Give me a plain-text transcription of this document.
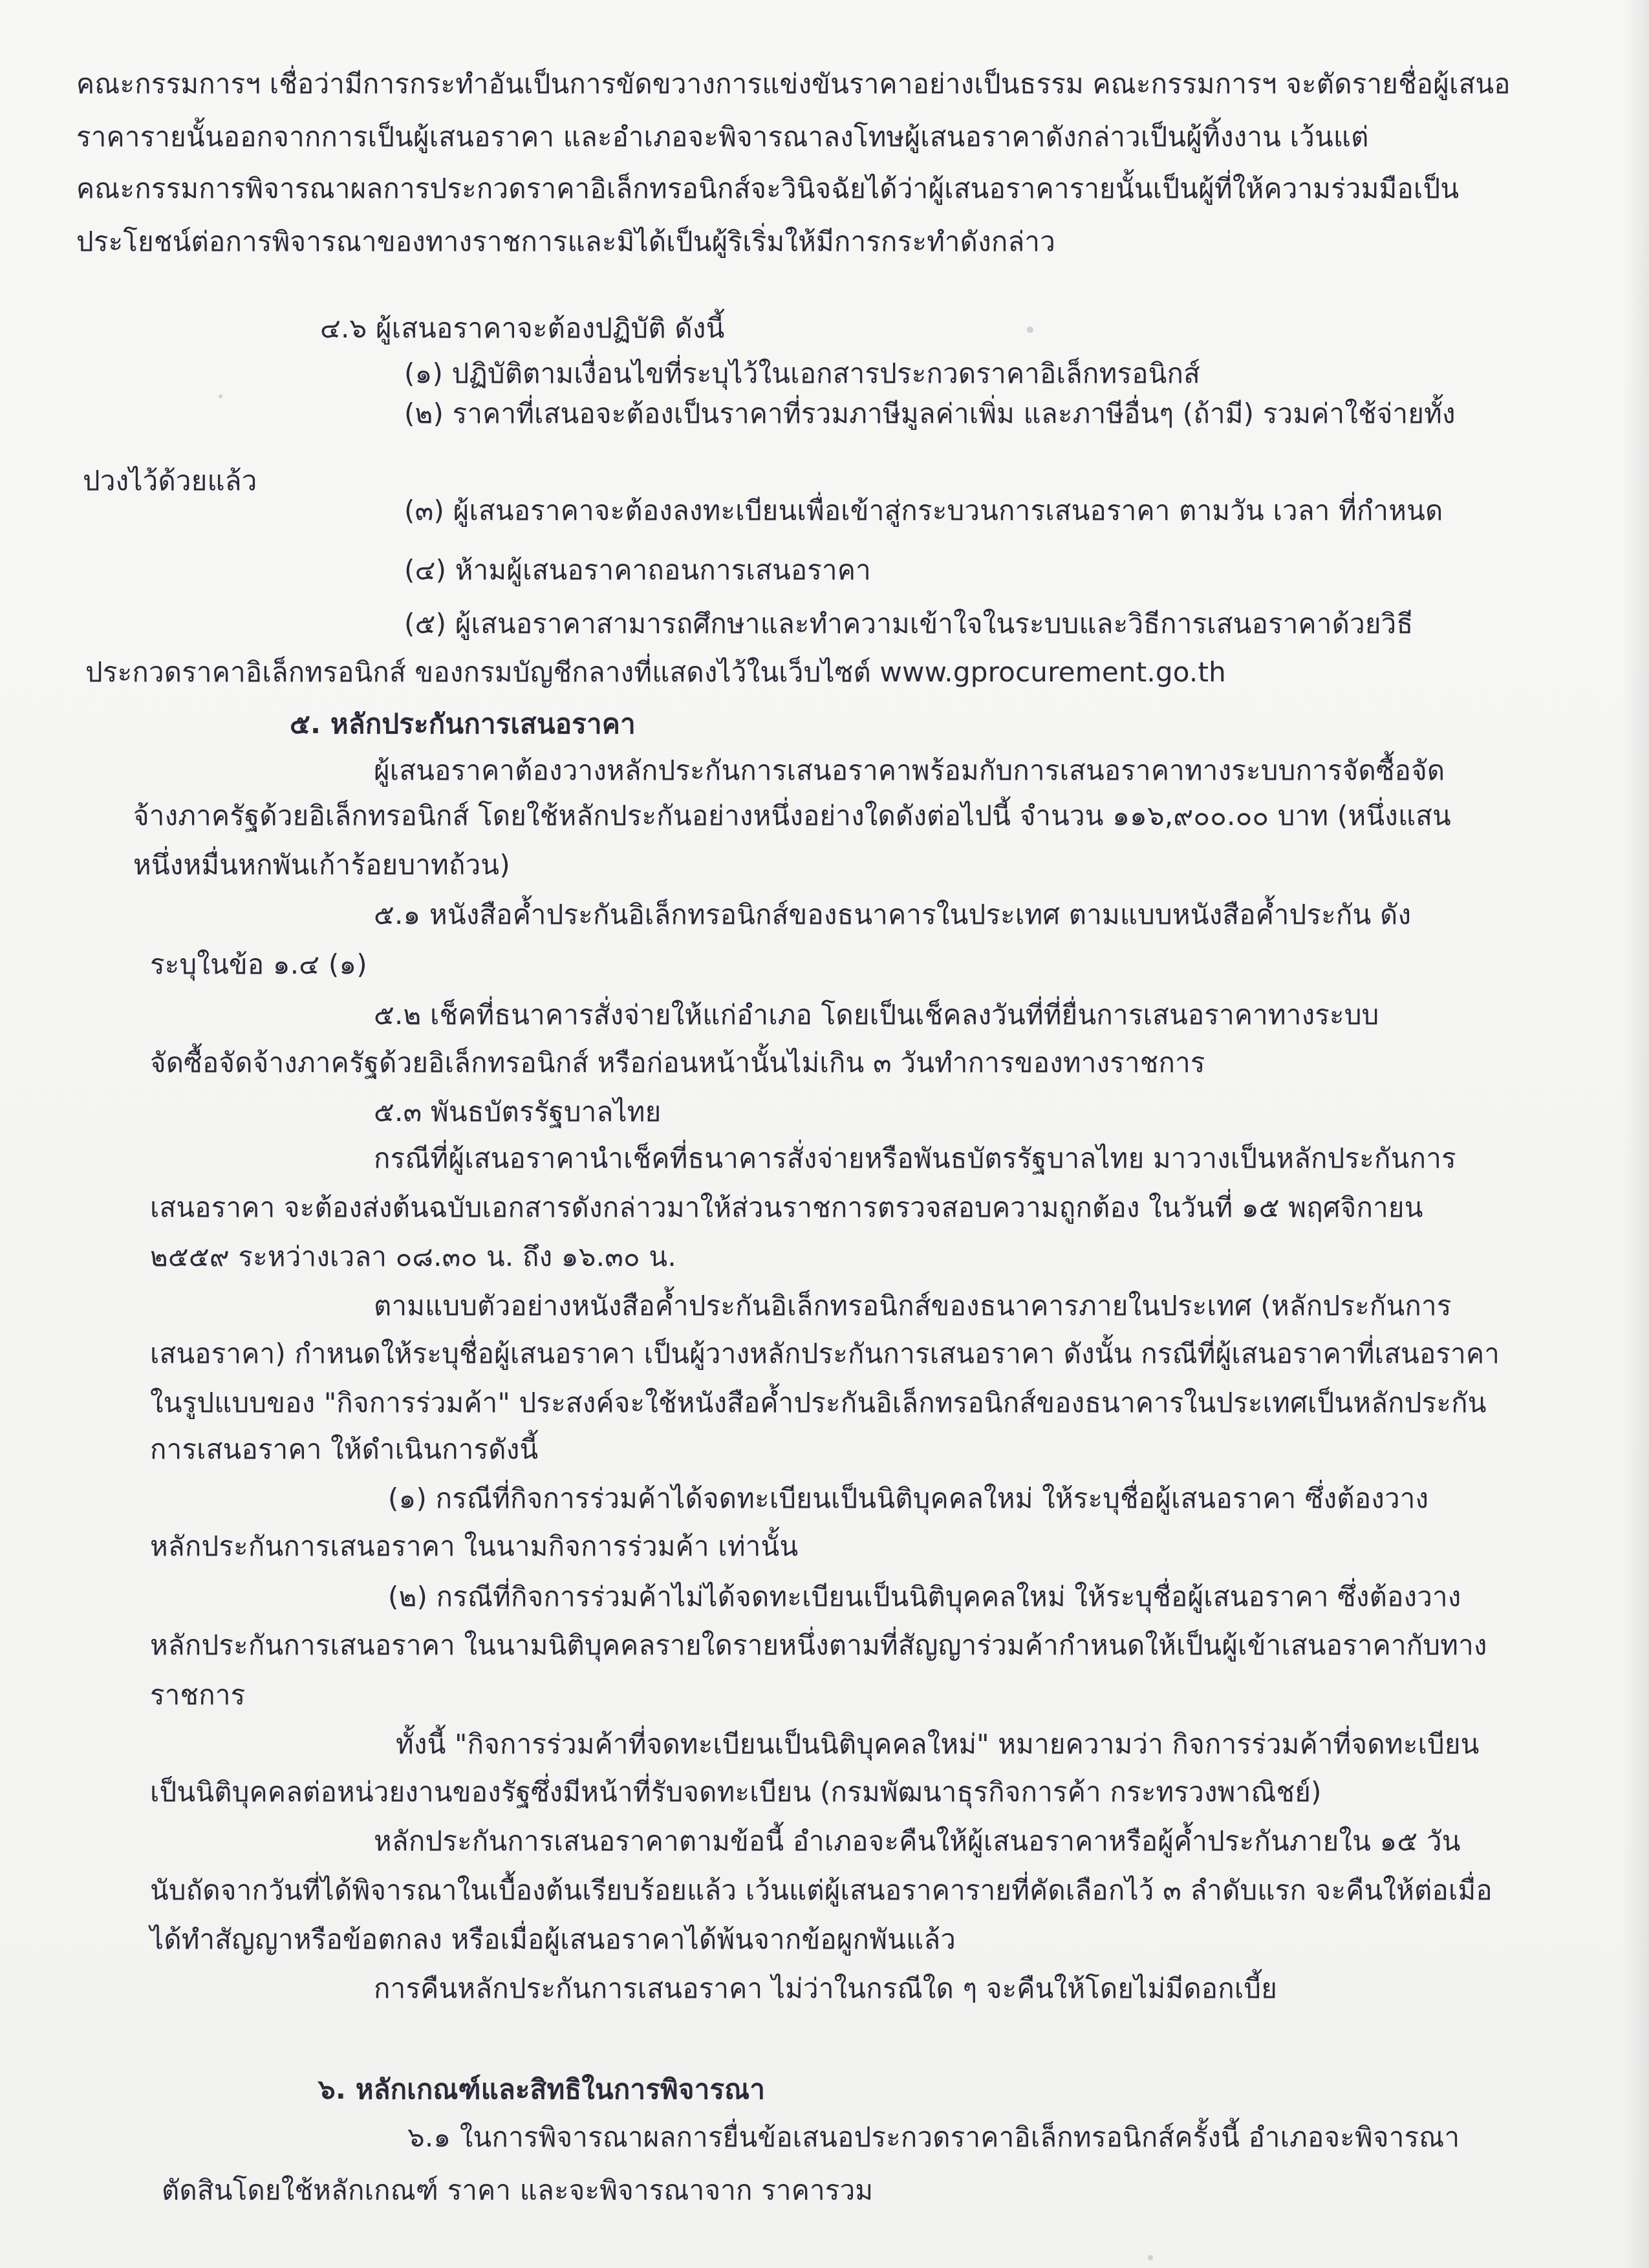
คณะกรรมการฯ เชื่อว่ามีการกระทำอันเป็นการขัดขวางการแข่งขันราคาอย่างเป็นธรรม คณะกรรมการฯ จะตัดรายชื่อผู้เสนอ
ราคารายนั้นออกจากการเป็นผู้เสนอราคา และอำเภอจะพิจารณาลงโทษผู้เสนอราคาดังกล่าวเป็นผู้ทิ้งงาน เว้นแต่
คณะกรรมการพิจารณาผลการประกวดราคาอิเล็กทรอนิกส์จะวินิจฉัยได้ว่าผู้เสนอราคารายนั้นเป็นผู้ที่ให้ความร่วมมือเป็น
ประโยชน์ต่อการพิจารณาของทางราชการและมิได้เป็นผู้ริเริ่มให้มีการกระทำดังกล่าว
๔.๖ ผู้เสนอราคาจะต้องปฏิบัติ ดังนี้
(๑) ปฏิบัติตามเงื่อนไขที่ระบุไว้ในเอกสารประกวดราคาอิเล็กทรอนิกส์
(๒) ราคาที่เสนอจะต้องเป็นราคาที่รวมภาษีมูลค่าเพิ่ม และภาษีอื่นๆ (ถ้ามี) รวมค่าใช้จ่ายทั้ง
ปวงไว้ด้วยแล้ว
(๓) ผู้เสนอราคาจะต้องลงทะเบียนเพื่อเข้าสู่กระบวนการเสนอราคา ตามวัน เวลา ที่กำหนด
(๔) ห้ามผู้เสนอราคาถอนการเสนอราคา
(๕) ผู้เสนอราคาสามารถศึกษาและทำความเข้าใจในระบบและวิธีการเสนอราคาด้วยวิธี
ประกวดราคาอิเล็กทรอนิกส์ ของกรมบัญชีกลางที่แสดงไว้ในเว็บไซต์ www.gprocurement.go.th
๕. หลักประกันการเสนอราคา
ผู้เสนอราคาต้องวางหลักประกันการเสนอราคาพร้อมกับการเสนอราคาทางระบบการจัดซื้อจัด
จ้างภาครัฐด้วยอิเล็กทรอนิกส์ โดยใช้หลักประกันอย่างหนึ่งอย่างใดดังต่อไปนี้ จำนวน ๑๑๖,๙๐๐.๐๐ บาท (หนึ่งแสน
หนึ่งหมื่นหกพันเก้าร้อยบาทถ้วน)
๕.๑ หนังสือค้ำประกันอิเล็กทรอนิกส์ของธนาคารในประเทศ ตามแบบหนังสือค้ำประกัน ดัง
ระบุในข้อ ๑.๔ (๑)
๕.๒ เช็คที่ธนาคารสั่งจ่ายให้แก่อำเภอ โดยเป็นเช็คลงวันที่ที่ยื่นการเสนอราคาทางระบบ
จัดซื้อจัดจ้างภาครัฐด้วยอิเล็กทรอนิกส์ หรือก่อนหน้านั้นไม่เกิน ๓ วันทำการของทางราชการ
๕.๓ พันธบัตรรัฐบาลไทย
กรณีที่ผู้เสนอราคานำเช็คที่ธนาคารสั่งจ่ายหรือพันธบัตรรัฐบาลไทย มาวางเป็นหลักประกันการ
เสนอราคา จะต้องส่งต้นฉบับเอกสารดังกล่าวมาให้ส่วนราชการตรวจสอบความถูกต้อง ในวันที่ ๑๕ พฤศจิกายน
๒๕๕๙ ระหว่างเวลา ๐๘.๓๐ น. ถึง ๑๖.๓๐ น.
ตามแบบตัวอย่างหนังสือค้ำประกันอิเล็กทรอนิกส์ของธนาคารภายในประเทศ (หลักประกันการ
เสนอราคา) กำหนดให้ระบุชื่อผู้เสนอราคา เป็นผู้วางหลักประกันการเสนอราคา ดังนั้น กรณีที่ผู้เสนอราคาที่เสนอราคา
ในรูปแบบของ "กิจการร่วมค้า" ประสงค์จะใช้หนังสือค้ำประกันอิเล็กทรอนิกส์ของธนาคารในประเทศเป็นหลักประกัน
การเสนอราคา ให้ดำเนินการดังนี้
(๑) กรณีที่กิจการร่วมค้าได้จดทะเบียนเป็นนิติบุคคลใหม่ ให้ระบุชื่อผู้เสนอราคา ซึ่งต้องวาง
หลักประกันการเสนอราคา ในนามกิจการร่วมค้า เท่านั้น
(๒) กรณีที่กิจการร่วมค้าไม่ได้จดทะเบียนเป็นนิติบุคคลใหม่ ให้ระบุชื่อผู้เสนอราคา ซึ่งต้องวาง
หลักประกันการเสนอราคา ในนามนิติบุคคลรายใดรายหนึ่งตามที่สัญญาร่วมค้ากำหนดให้เป็นผู้เข้าเสนอราคากับทาง
ราชการ
ทั้งนี้ "กิจการร่วมค้าที่จดทะเบียนเป็นนิติบุคคลใหม่" หมายความว่า กิจการร่วมค้าที่จดทะเบียน
เป็นนิติบุคคลต่อหน่วยงานของรัฐซึ่งมีหน้าที่รับจดทะเบียน (กรมพัฒนาธุรกิจการค้า กระทรวงพาณิชย์)
หลักประกันการเสนอราคาตามข้อนี้ อำเภอจะคืนให้ผู้เสนอราคาหรือผู้ค้ำประกันภายใน ๑๕ วัน
นับถัดจากวันที่ได้พิจารณาในเบื้องต้นเรียบร้อยแล้ว เว้นแต่ผู้เสนอราคารายที่คัดเลือกไว้ ๓ ลำดับแรก จะคืนให้ต่อเมื่อ
ได้ทำสัญญาหรือข้อตกลง หรือเมื่อผู้เสนอราคาได้พ้นจากข้อผูกพันแล้ว
การคืนหลักประกันการเสนอราคา ไม่ว่าในกรณีใด ๆ จะคืนให้โดยไม่มีดอกเบี้ย
๖. หลักเกณฑ์และสิทธิในการพิจารณา
๖.๑ ในการพิจารณาผลการยื่นข้อเสนอประกวดราคาอิเล็กทรอนิกส์ครั้งนี้ อำเภอจะพิจารณา
ตัดสินโดยใช้หลักเกณฑ์ ราคา และจะพิจารณาจาก ราคารวม
